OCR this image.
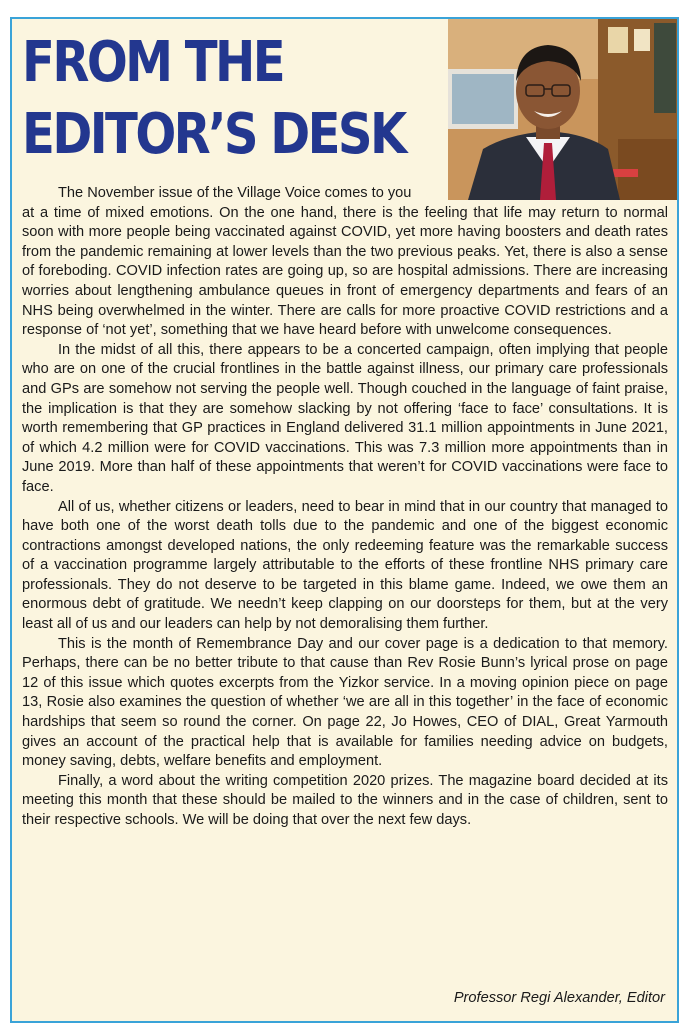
FROM THE
EDITOR’S DESK

The November issue of the Village Voice comes to you

at a time of mixed emotions. On the one hand, there is the feeling that life may return to normal soon with more people being vaccinated against COVID, yet more having boosters and death rates from the pandemic remaining at lower levels than the two previous peaks. Yet, there is also a sense of foreboding. COVID infection rates are going up, so are hospital admissions. There are increasing worries about lengthening ambulance queues in front of emergency departments and fears of an NHS being overwhelmed in the winter. There are calls for more proactive COVID restrictions and a response of ‘not yet’, something that we have heard before with unwelcome consequences.

In the midst of all this, there appears to be a concerted campaign, often implying that people who are on one of the crucial frontlines in the battle against illness, our primary care professionals and GPs are somehow not serving the people well. Though couched in the language of faint praise, the implication is that they are somehow slacking by not offering ‘face to face’ consultations. It is worth remembering that GP practices in England delivered 31.1 million appointments in June 2021, of which 4.2 million were for COVID vaccinations. This was 7.3 million more appointments than in June 2019. More than half of these appointments that weren’t for COVID vaccinations were face to face.

All of us, whether citizens or leaders, need to bear in mind that in our country that managed to have both one of the worst death tolls due to the pandemic and one of the biggest economic contractions amongst developed nations, the only redeeming feature was the remarkable success of a vaccination programme largely attributable to the efforts of these frontline NHS primary care professionals. They do not deserve to be targeted in this blame game. Indeed, we owe them an enormous debt of gratitude. We needn’t keep clapping on our doorsteps for them, but at the very least all of us and our leaders can help by not demoralising them further.

This is the month of Remembrance Day and our cover page is a dedication to that memory. Perhaps, there can be no better tribute to that cause than Rev Rosie Bunn’s lyrical prose on page 12 of this issue which quotes excerpts from the Yizkor service. In a moving opinion piece on page 13, Rosie also examines the question of whether ‘we are all in this together’ in the face of economic hardships that seem so round the corner. On page 22, Jo Howes, CEO of DIAL, Great Yarmouth gives an account of the practical help that is available for families needing advice on budgets, money saving, debts, welfare benefits and employment.

Finally, a word about the writing competition 2020 prizes. The magazine board decided at its meeting this month that these should be mailed to the winners and in the case of children, sent to their respective schools. We will be doing that over the next few days.

Professor Regi Alexander, Editor
